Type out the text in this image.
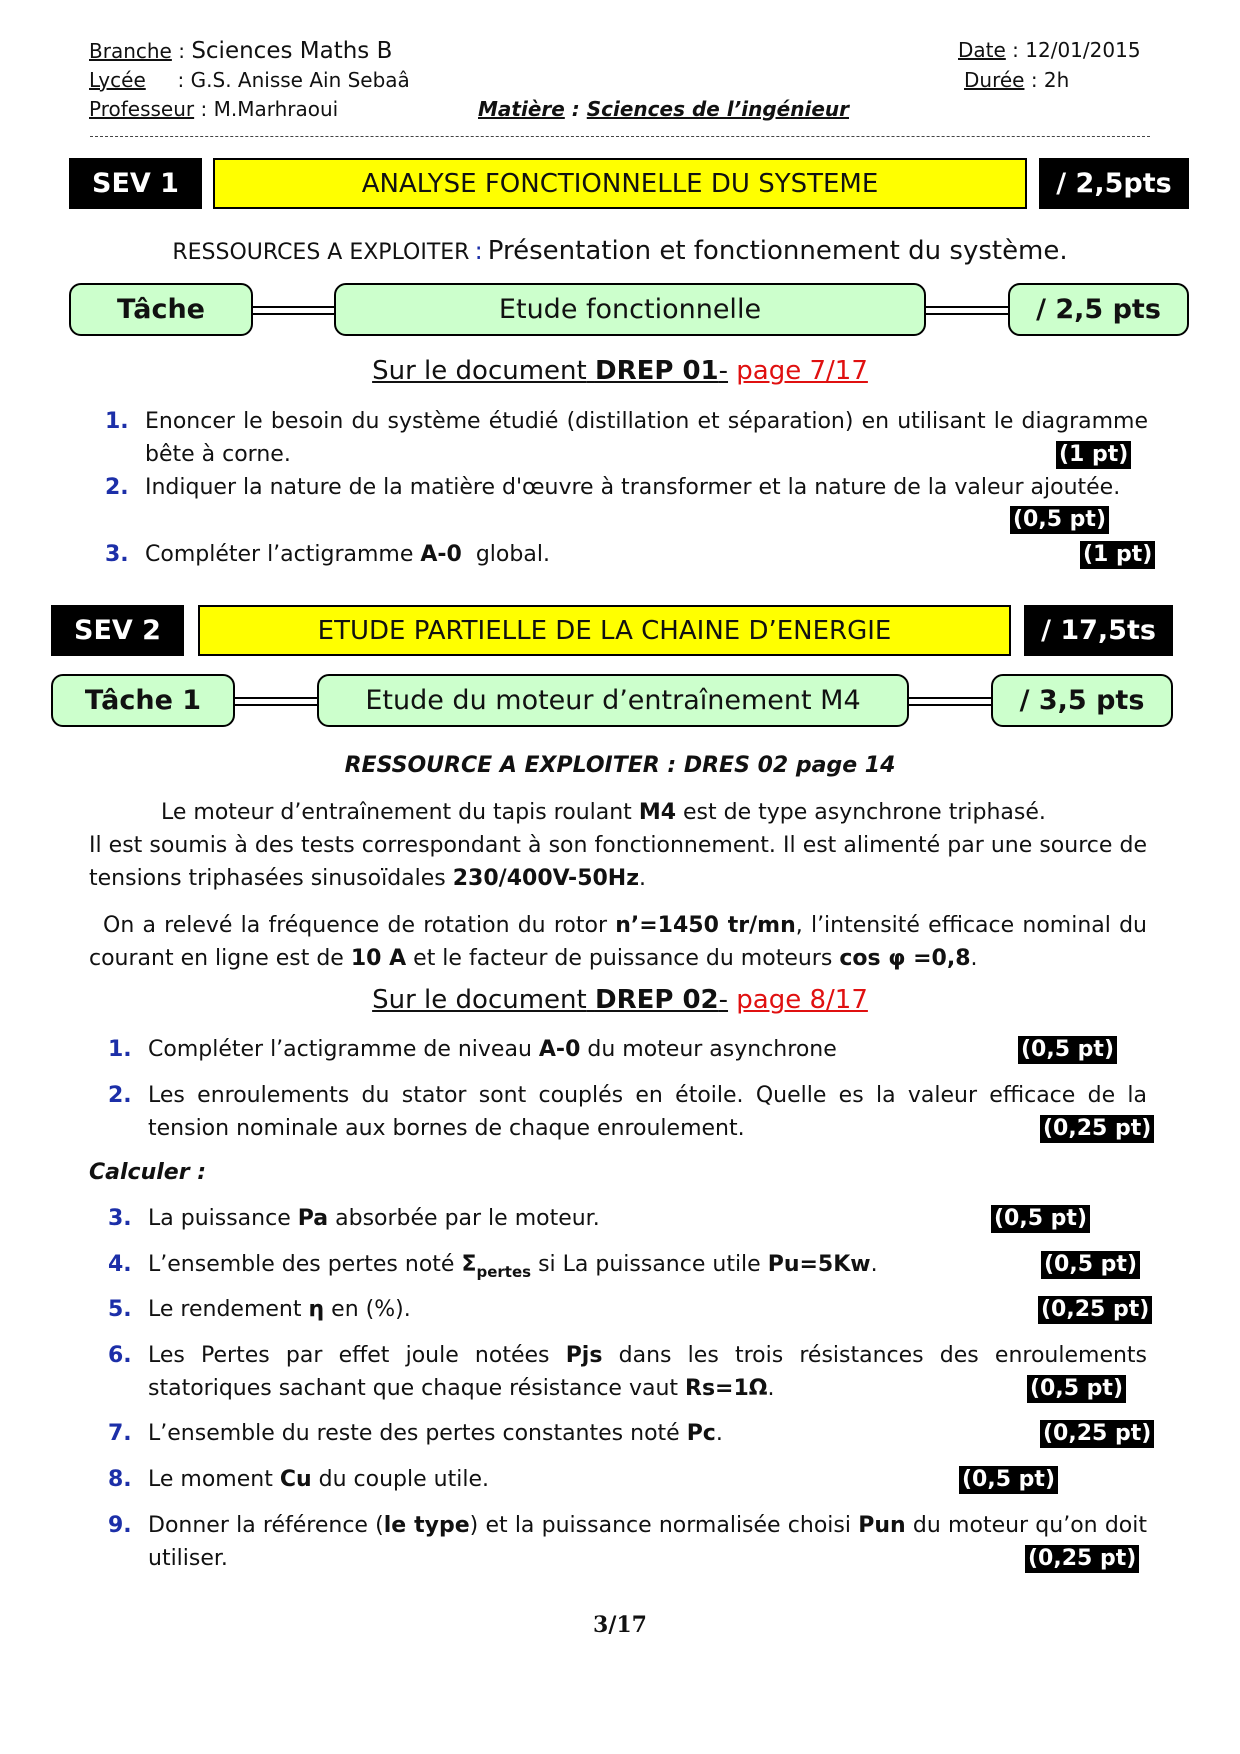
Branche : Sciences Maths B
Lycée : G.S. Anisse Ain Sebaâ
Professeur : M.Marhraoui	Matière : Sciences de l’ingénieur
Date : 12/01/2015
Durée : 2h
SEV 1	ANALYSE FONCTIONNELLE DU SYSTEME	/ 2,5pts
RESSOURCES A EXPLOITER : Présentation et fonctionnement du système.
Tâche	Etude fonctionnelle	/ 2,5 pts
Sur le document DREP 01- page 7/17
1. Enoncer le besoin du système étudié (distillation et séparation) en utilisant le diagramme bête à corne.	(1 pt)
2. Indiquer la nature de la matière d'œuvre à transformer et la nature de la valeur ajoutée.
(0,5 pt)
3. Compléter l’actigramme A-0 global.	(1 pt)
SEV 2	ETUDE PARTIELLE DE LA CHAINE D’ENERGIE	/ 17,5ts
Tâche 1	Etude du moteur d’entraînement M4	/ 3,5 pts
RESSOURCE A EXPLOITER : DRES 02 page 14
Le moteur d’entraînement du tapis roulant M4 est de type asynchrone triphasé.
Il est soumis à des tests correspondant à son fonctionnement. Il est alimenté par une source de tensions triphasées sinusoïdales 230/400V-50Hz.
On a relevé la fréquence de rotation du rotor n’=1450 tr/mn, l’intensité efficace nominal du courant en ligne est de 10 A et le facteur de puissance du moteurs cos φ =0,8.
Sur le document DREP 02- page 8/17
1. Compléter l’actigramme de niveau A-0 du moteur asynchrone	(0,5 pt)
2. Les enroulements du stator sont couplés en étoile. Quelle es la valeur efficace de la tension nominale aux bornes de chaque enroulement.	(0,25 pt)
Calculer :
3. La puissance Pa absorbée par le moteur.	(0,5 pt)
4. L’ensemble des pertes noté $\Sigma_{pertes}$ si La puissance utile Pu=5Kw.	(0,5 pt)
5. Le rendement η en (%).	(0,25 pt)
6. Les Pertes par effet joule notées Pjs dans les trois résistances des enroulements statoriques sachant que chaque résistance vaut Rs=1Ω.	(0,5 pt)
7. L’ensemble du reste des pertes constantes noté Pc.	(0,25 pt)
8. Le moment Cu du couple utile.	(0,5 pt)
9. Donner la référence (le type) et la puissance normalisée choisi Pun du moteur qu’on doit utiliser.	(0,25 pt)
3/17
